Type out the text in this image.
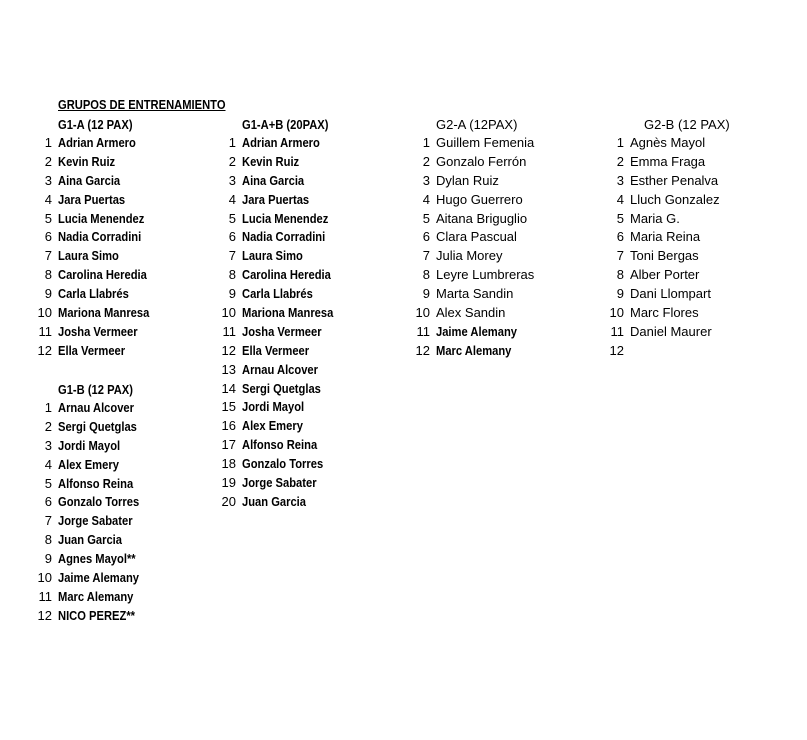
GRUPOS DE ENTRENAMIENTO
G1-A (12 PAX)
1 Adrian Armero
2 Kevin Ruiz
3 Aina Garcia
4 Jara Puertas
5 Lucia Menendez
6 Nadia Corradini
7 Laura Simo
8 Carolina Heredia
9 Carla Llabrés
10 Mariona Manresa
11 Josha Vermeer
12 Ella Vermeer
G1-B (12 PAX)
1 Arnau Alcover
2 Sergi Quetglas
3 Jordi Mayol
4 Alex Emery
5 Alfonso Reina
6 Gonzalo Torres
7 Jorge Sabater
8 Juan Garcia
9 Agnes Mayol**
10 Jaime Alemany
11 Marc Alemany
12 NICO PEREZ**
G1-A+B (20PAX)
1 Adrian Armero
2 Kevin Ruiz
3 Aina Garcia
4 Jara Puertas
5 Lucia Menendez
6 Nadia Corradini
7 Laura Simo
8 Carolina Heredia
9 Carla Llabrés
10 Mariona Manresa
11 Josha Vermeer
12 Ella Vermeer
13 Arnau Alcover
14 Sergi Quetglas
15 Jordi Mayol
16 Alex Emery
17 Alfonso Reina
18 Gonzalo Torres
19 Jorge Sabater
20 Juan Garcia
G2-A (12PAX)
1 Guillem Femenia
2 Gonzalo Ferrón
3 Dylan Ruiz
4 Hugo Guerrero
5 Aitana Briguglio
6 Clara Pascual
7 Julia Morey
8 Leyre Lumbreras
9 Marta Sandin
10 Alex Sandin
11 Jaime Alemany
12 Marc Alemany
G2-B (12 PAX)
1 Agnès Mayol
2 Emma Fraga
3 Esther Penalva
4 Lluch Gonzalez
5 Maria G.
6 Maria Reina
7 Toni Bergas
8 Alber Porter
9 Dani Llompart
10 Marc Flores
11 Daniel Maurer
12
